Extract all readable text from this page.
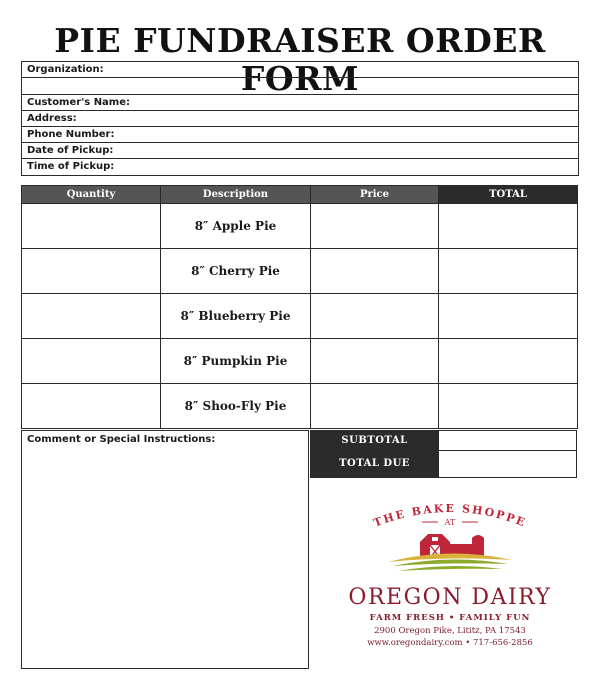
PIE FUNDRAISER ORDER FORM
Organization:
Customer's Name:
Address:
Phone Number:
Date of Pickup:
Time of Pickup:
Quantity	Description	Price	TOTAL
	8″ Apple Pie		
	8″ Cherry Pie		
	8″ Blueberry Pie		
	8″ Pumpkin Pie		
	8″ Shoo-Fly Pie		
Comment or Special Instructions:	SUBTOTAL
TOTAL DUE
THE BAKE SHOPPE
AT
OREGON DAIRY
FARM FRESH • FAMILY FUN
2900 Oregon Pike, Lititz, PA 17543
www.oregondairy.com • 717-656-2856
